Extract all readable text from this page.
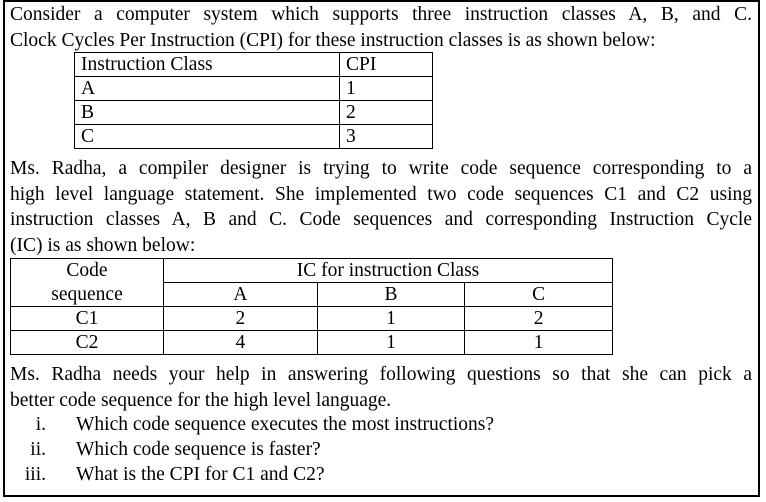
Consider a computer system which supports three instruction classes A, B, and C.
Clock Cycles Per Instruction (CPI) for these instruction classes is as shown below:
Instruction Class	CPI
A	1
B	2
C	3
Ms. Radha, a compiler designer is trying to write code sequence corresponding to a
high level language statement. She implemented two code sequences C1 and C2 using
instruction classes A, B and C. Code sequences and corresponding Instruction Cycle
(IC) is as shown below:
Code	IC for instruction Class		
sequence	A	B	C
C1	2	1	2
C2	4	1	1
Ms. Radha needs your help in answering following questions so that she can pick a
better code sequence for the high level language.
i. Which code sequence executes the most instructions?
ii. Which code sequence is faster?
iii. What is the CPI for C1 and C2?
